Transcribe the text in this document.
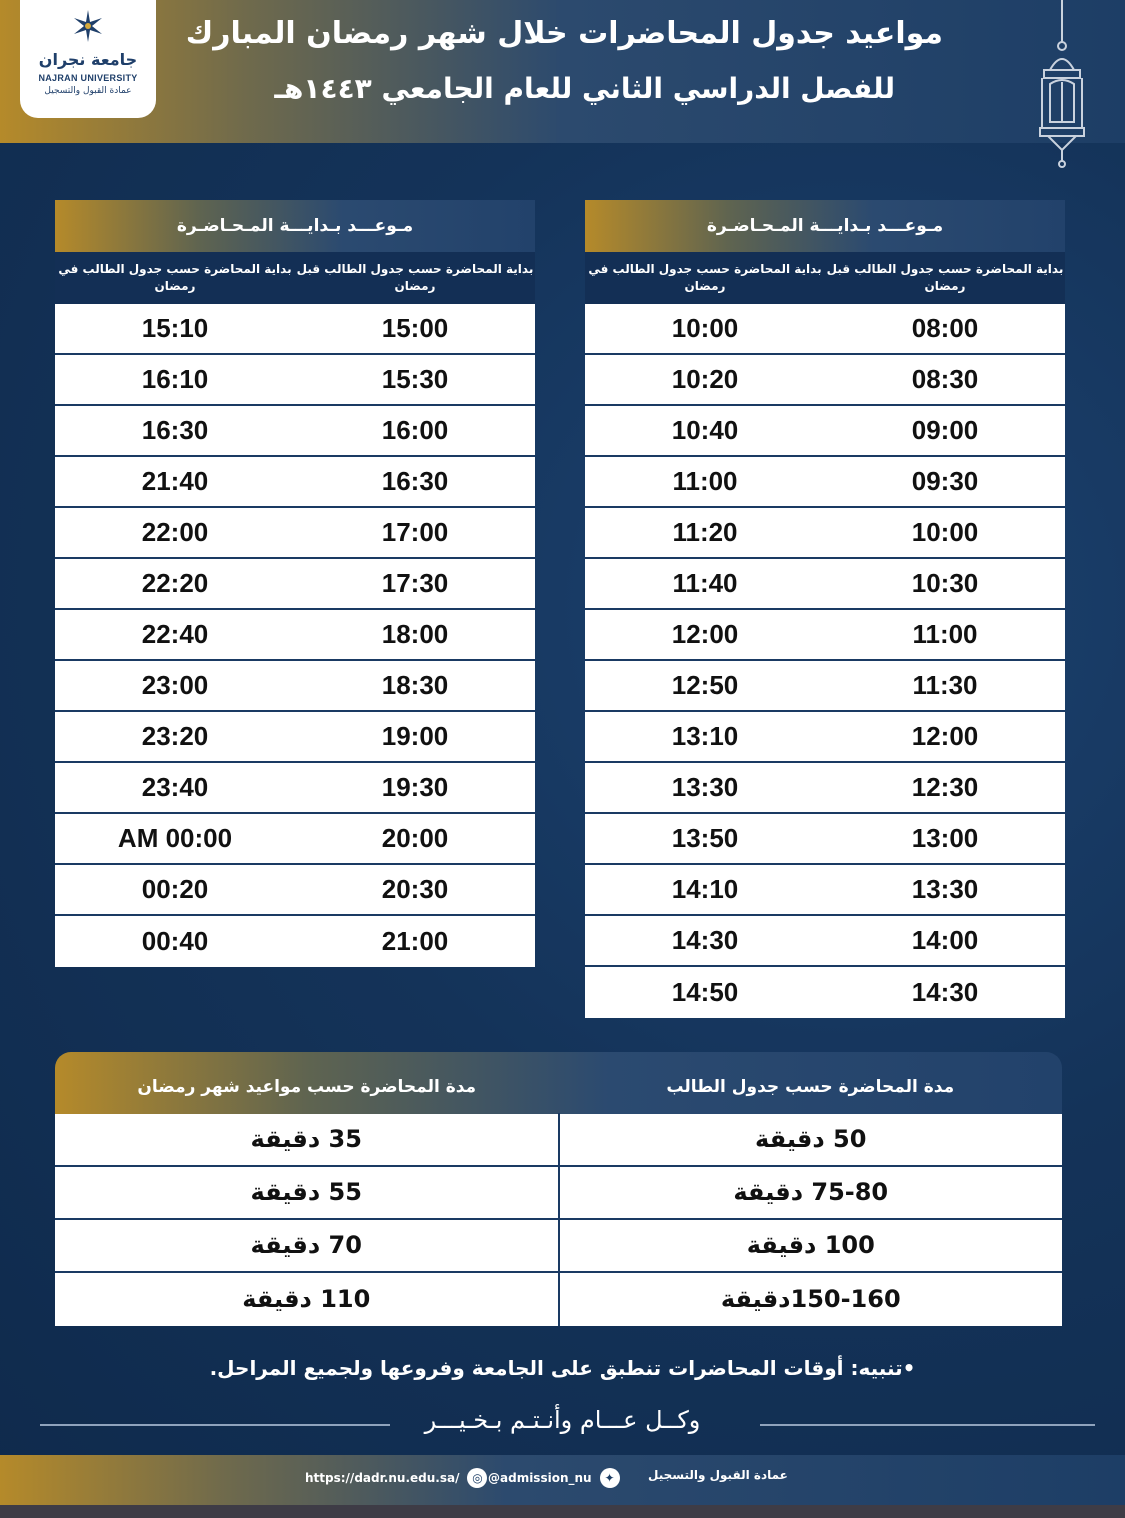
جامعة نجران
NAJRAN UNIVERSITY
عمادة القبول والتسجيل
مواعيد جدول المحاضرات خلال شهر رمضان المبارك
للفصل الدراسي الثاني للعام الجامعي ١٤٤٣هـ
مـوعـــد بـدايـــة المـحـاضـرة
بداية المحاضرة حسب جدول الطالب قبل رمضان
بداية المحاضرة حسب جدول الطالب في رمضان
15:00
15:10
15:30
16:10
16:00
16:30
16:30
21:40
17:00
22:00
17:30
22:20
18:00
22:40
18:30
23:00
19:00
23:20
19:30
23:40
20:00
AM 00:00
20:30
00:20
21:00
00:40
مـوعـــد بـدايـــة المـحـاضـرة
بداية المحاضرة حسب جدول الطالب قبل رمضان
بداية المحاضرة حسب جدول الطالب في رمضان
08:00
10:00
08:30
10:20
09:00
10:40
09:30
11:00
10:00
11:20
10:30
11:40
11:00
12:00
11:30
12:50
12:00
13:10
12:30
13:30
13:00
13:50
13:30
14:10
14:00
14:30
14:30
14:50
مدة المحاضرة حسب جدول الطالب
مدة المحاضرة حسب مواعيد شهر رمضان
50 دقيقة
35 دقيقة
75-80 دقيقة
55 دقيقة
100 دقيقة
70 دقيقة
150-160دقيقة
110 دقيقة
•تنبيه: أوقات المحاضرات تنطبق على الجامعة وفروعها ولجميع المراحل.
وكــل عـــام وأنـتـم بـخـيـــر
عمادة القبول والتسجيل
@admission_nu	✦
https://dadr.nu.edu.sa/	◎
